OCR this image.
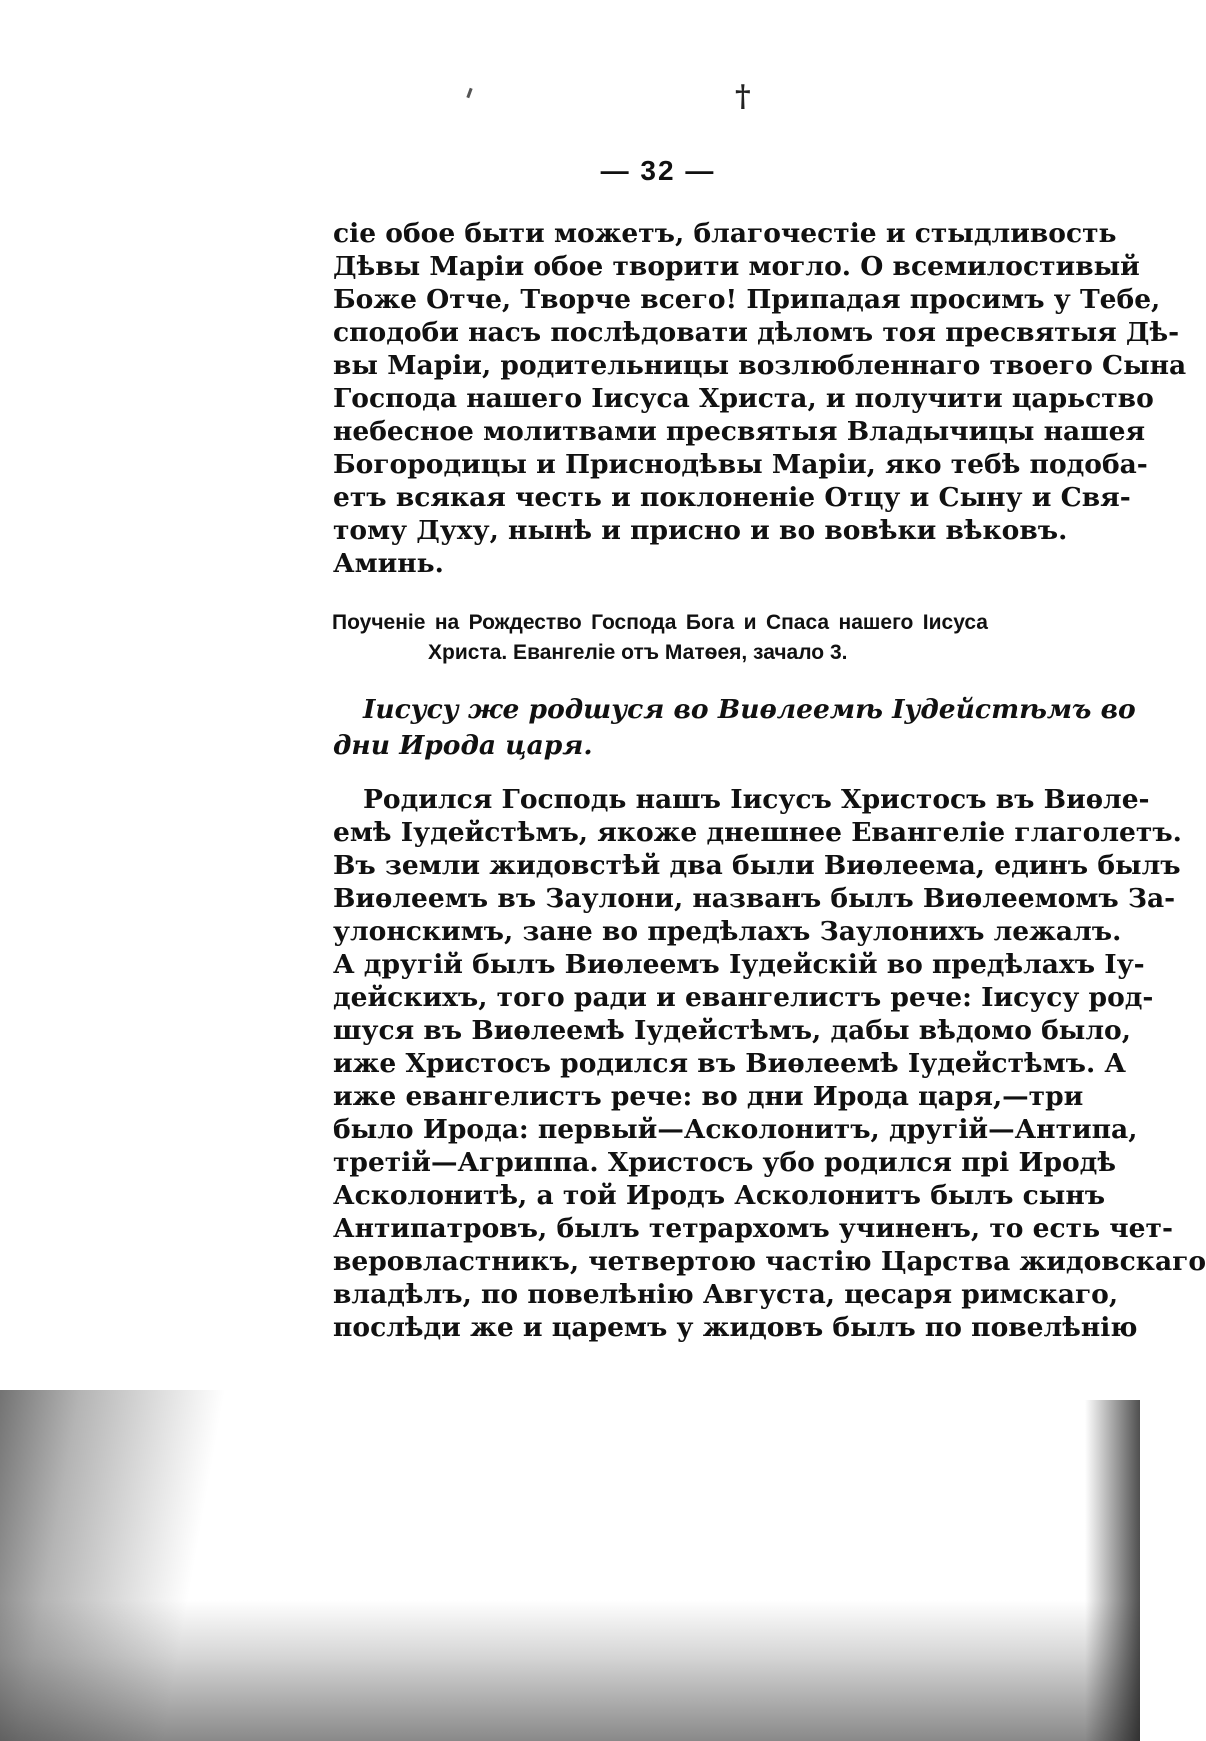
†
— 32 —
сіе обое быти можетъ, благочестіе и стыдливость
Дѣвы Маріи обое творити могло. О всемилостивый
Боже Отче, Творче всего! Припадая просимъ у Тебе,
сподоби насъ послѣдовати дѣломъ тоя пресвятыя Дѣ-
вы Маріи, родительницы возлюбленнаго твоего Сына
Господа нашего Іисуса Христа, и получити царьство
небесное молитвами пресвятыя Владычицы нашея
Богородицы и Приснодѣвы Маріи, яко тебѣ подоба-
етъ всякая честь и поклоненіе Отцу и Сыну и Свя-
тому Духу, нынѣ и присно и во вовѣки вѣковъ.
Аминь.
Поученіе на Рождество Господа Бога и Спаса нашего Іисуса
Христа. Евангеліе отъ Матѳея, зачало 3.
Іисусу же родшуся во Виѳлеемѣ Іудейстѣмъ во
дни Ирода царя.
Родился Господь нашъ Іисусъ Христосъ въ Виѳле-
емѣ Іудейстѣмъ, якоже днешнее Евангеліе глаголетъ.
Въ земли жидовстѣй два были Виѳлеема, единъ былъ
Виѳлеемъ въ Заулони, названъ былъ Виѳлеемомъ За-
улонскимъ, зане во предѣлахъ Заулонихъ лежалъ.
А другій былъ Виѳлеемъ Іудейскій во предѣлахъ Іу-
дейскихъ, того ради и евангелистъ рече: Іисусу род-
шуся въ Виѳлеемѣ Іудейстѣмъ, дабы вѣдомо было,
иже Христосъ родился въ Виѳлеемѣ Іудейстѣмъ. А
иже евангелистъ рече: во дни Ирода царя,—три
было Ирода: первый—Асколонитъ, другій—Антипа,
третій—Агриппа. Христосъ убо родился прі Иродѣ
Асколонитѣ, а той Иродъ Асколонитъ былъ сынъ
Антипатровъ, былъ тетрархомъ учиненъ, то есть чет-
веровластникъ, четвертою частію Царства жидовскаго
владѣлъ, по повелѣнію Августа, цесаря римскаго,
послѣди же и царемъ у жидовъ былъ по повелѣнію
